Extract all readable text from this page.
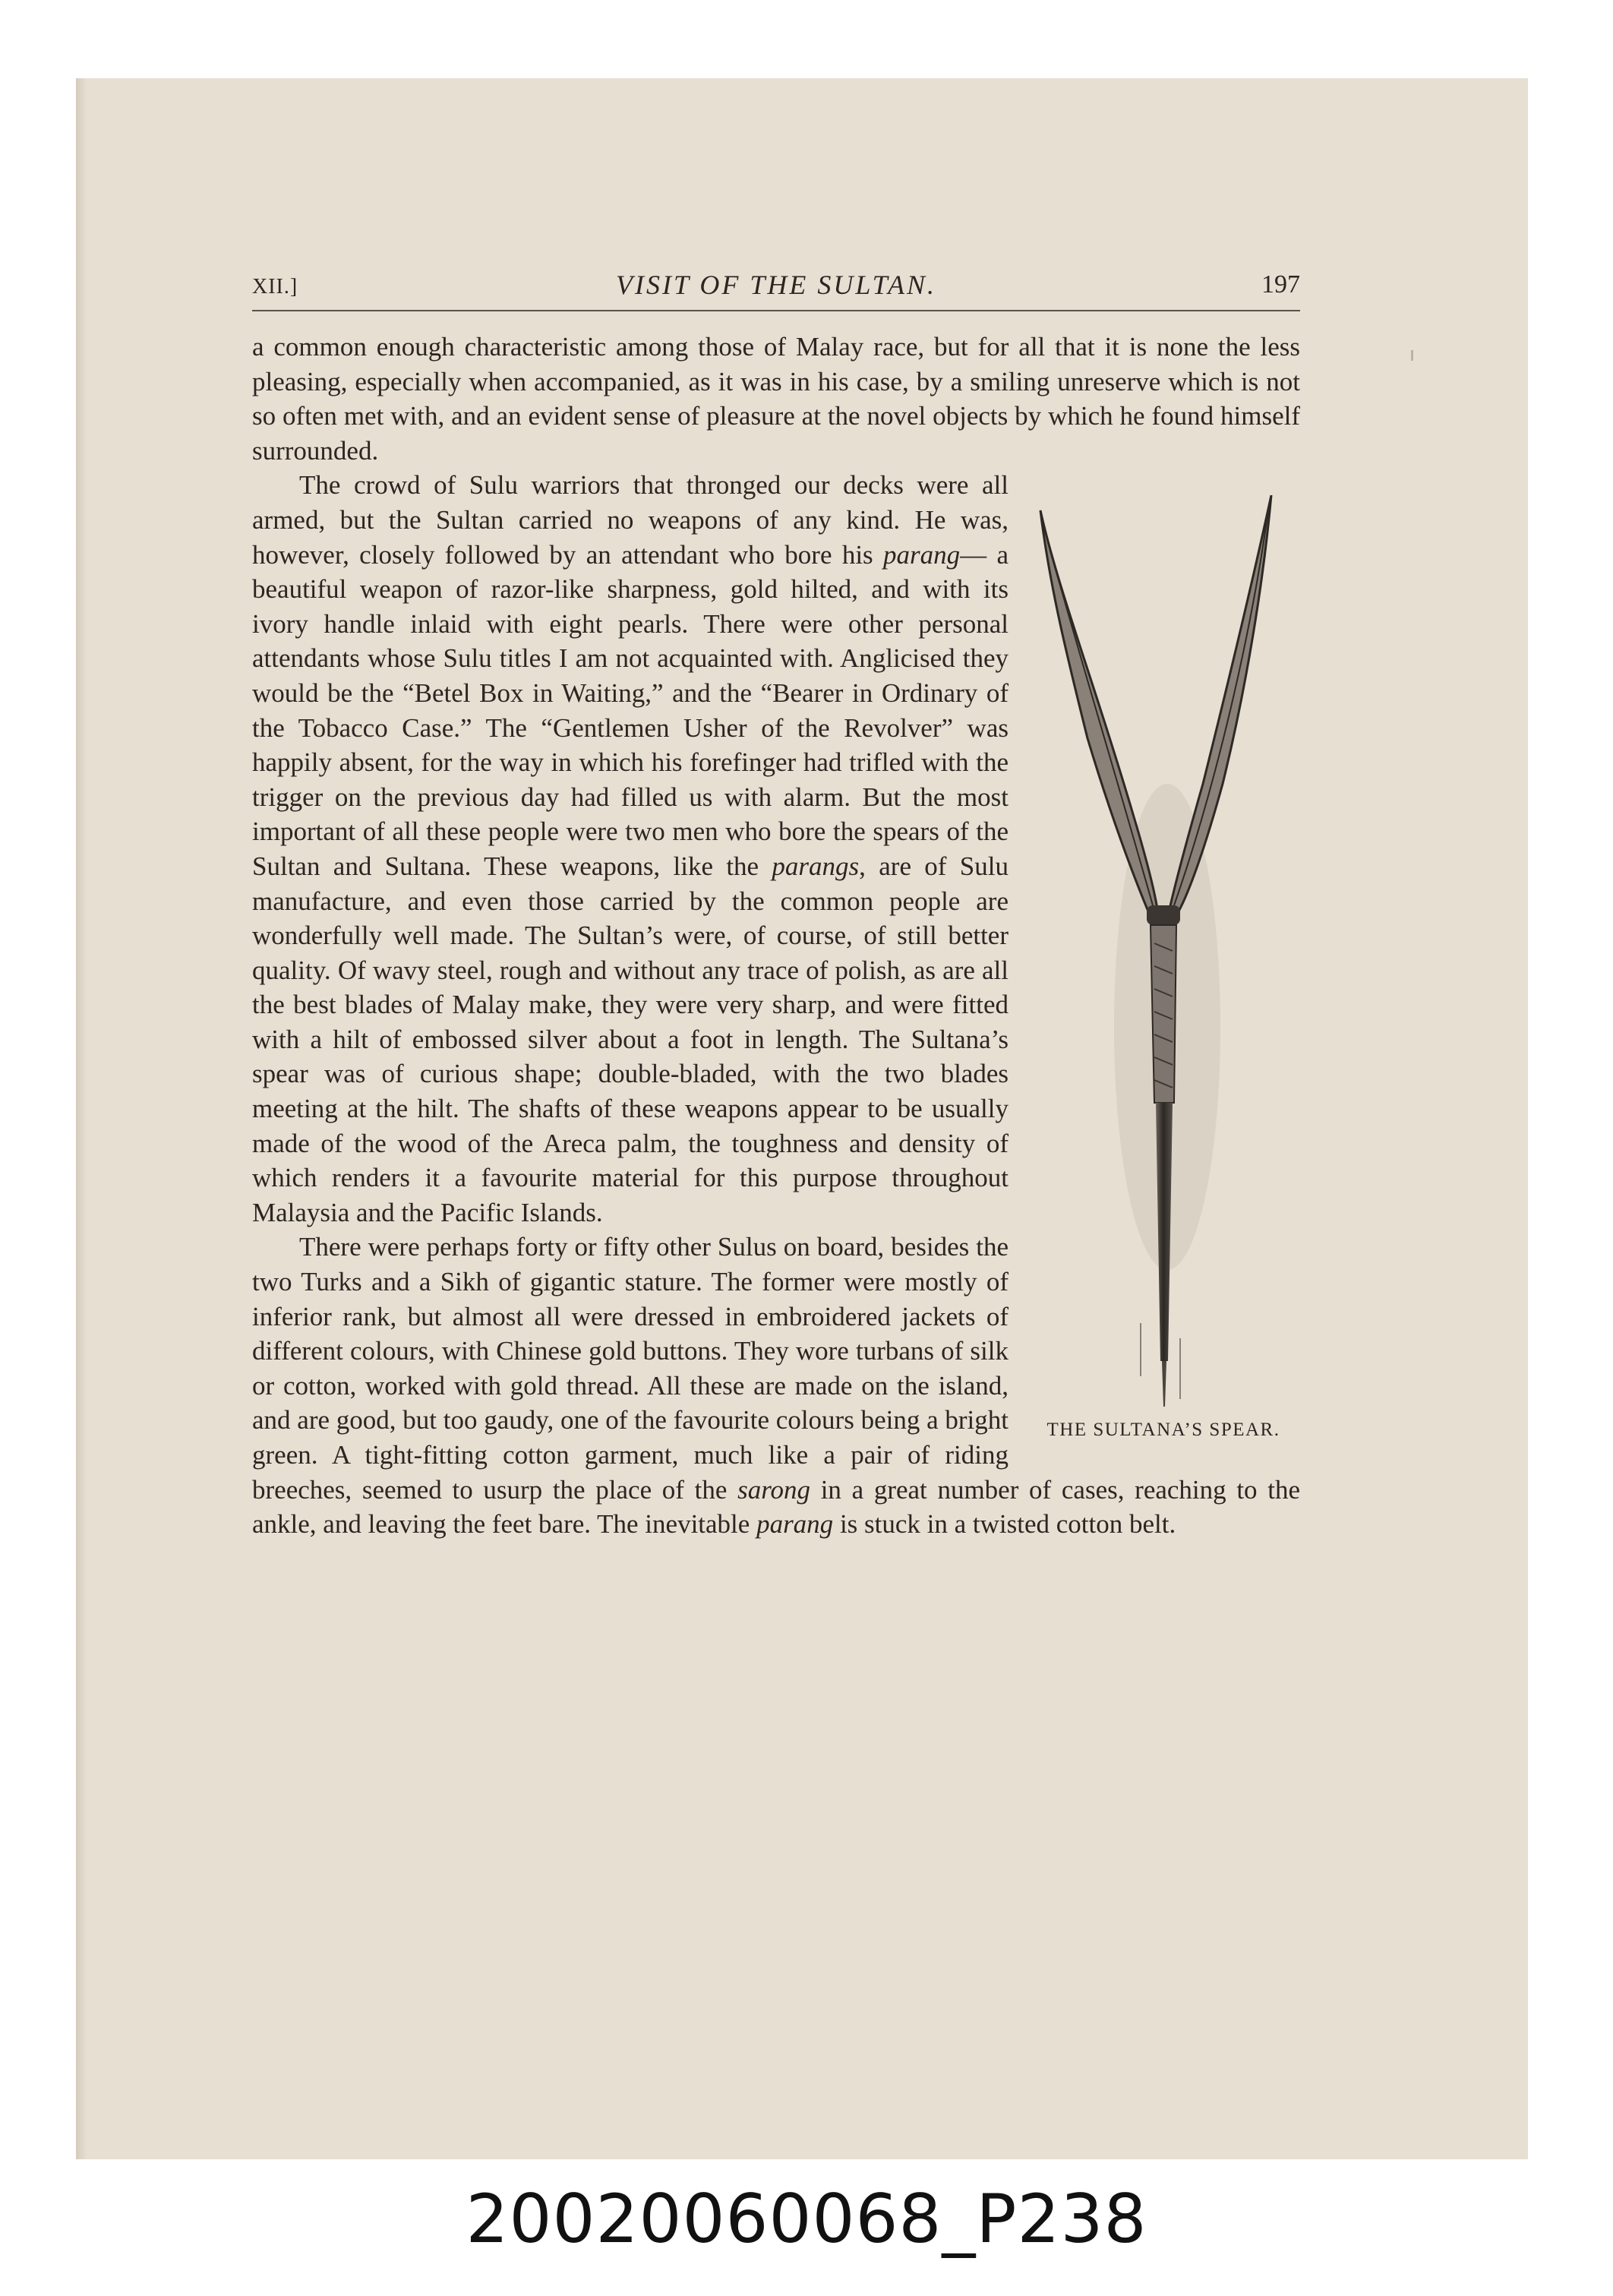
XII.]	VISIT OF THE SULTAN.	197

a common enough characteristic among those of Malay race, but for all that it is none the less pleasing, especially when accompanied, as it was in his case, by a smiling unreserve which is not so often met with, and an evident sense of pleasure at the novel objects by which he found himself surrounded.

THE SULTANA’S SPEAR.

The crowd of Sulu warriors that thronged our decks were all armed, but the Sultan carried no weapons of any kind. He was, however, closely followed by an attendant who bore his parang— a beautiful weapon of razor-like sharpness, gold hilted, and with its ivory handle inlaid with eight pearls. There were other personal attendants whose Sulu titles I am not acquainted with. Anglicised they would be the “Betel Box in Waiting,” and the “Bearer in Ordinary of the Tobacco Case.” The “Gentlemen Usher of the Revolver” was happily absent, for the way in which his forefinger had trifled with the trigger on the previous day had filled us with alarm. But the most important of all these people were two men who bore the spears of the Sultan and Sultana. These weapons, like the parangs, are of Sulu manufacture, and even those carried by the common people are wonderfully well made. The Sultan’s were, of course, of still better quality. Of wavy steel, rough and without any trace of polish, as are all the best blades of Malay make, they were very sharp, and were fitted with a hilt of embossed silver about a foot in length. The Sultana’s spear was of curious shape; double-bladed, with the two blades meeting at the hilt. The shafts of these weapons appear to be usually made of the wood of the Areca palm, the toughness and density of which renders it a favourite material for this purpose throughout Malaysia and the Pacific Islands.

There were perhaps forty or fifty other Sulus on board, besides the two Turks and a Sikh of gigantic stature. The former were mostly of inferior rank, but almost all were dressed in embroidered jackets of different colours, with Chinese gold buttons. They wore turbans of silk or cotton, worked with gold thread. All these are made on the island, and are good, but too gaudy, one of the favourite colours being a bright green. A tight-fitting cotton garment, much like a pair of riding breeches, seemed to usurp the place of the sarong in a great number of cases, reaching to the ankle, and leaving the feet bare. The inevitable parang is stuck in a twisted cotton belt.

20020060068_P238
